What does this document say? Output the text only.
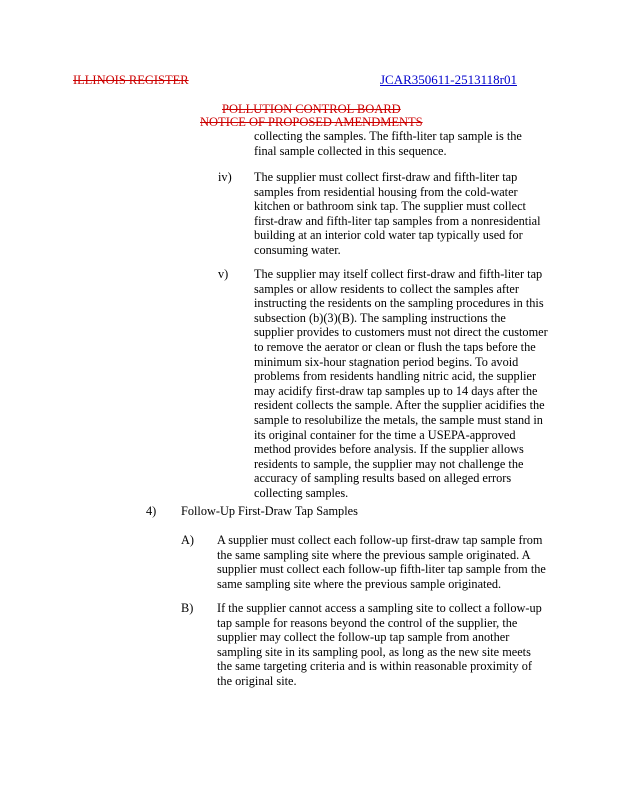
ILLINOIS REGISTER	JCAR350611-2513118r01
POLLUTION CONTROL BOARD
NOTICE OF PROPOSED AMENDMENTS
collecting the samples. The fifth-liter tap sample is the
final sample collected in this sequence.
iv) The supplier must collect first-draw and fifth-liter tap
samples from residential housing from the cold-water
kitchen or bathroom sink tap. The supplier must collect
first-draw and fifth-liter tap samples from a nonresidential
building at an interior cold water tap typically used for
consuming water.
v) The supplier may itself collect first-draw and fifth-liter tap
samples or allow residents to collect the samples after
instructing the residents on the sampling procedures in this
subsection (b)(3)(B). The sampling instructions the
supplier provides to customers must not direct the customer
to remove the aerator or clean or flush the taps before the
minimum six-hour stagnation period begins. To avoid
problems from residents handling nitric acid, the supplier
may acidify first-draw tap samples up to 14 days after the
resident collects the sample. After the supplier acidifies the
sample to resolubilize the metals, the sample must stand in
its original container for the time a USEPA-approved
method provides before analysis. If the supplier allows
residents to sample, the supplier may not challenge the
accuracy of sampling results based on alleged errors
collecting samples.
4) Follow-Up First-Draw Tap Samples
A) A supplier must collect each follow-up first-draw tap sample from
the same sampling site where the previous sample originated. A
supplier must collect each follow-up fifth-liter tap sample from the
same sampling site where the previous sample originated.
B) If the supplier cannot access a sampling site to collect a follow-up
tap sample for reasons beyond the control of the supplier, the
supplier may collect the follow-up tap sample from another
sampling site in its sampling pool, as long as the new site meets
the same targeting criteria and is within reasonable proximity of
the original site.
